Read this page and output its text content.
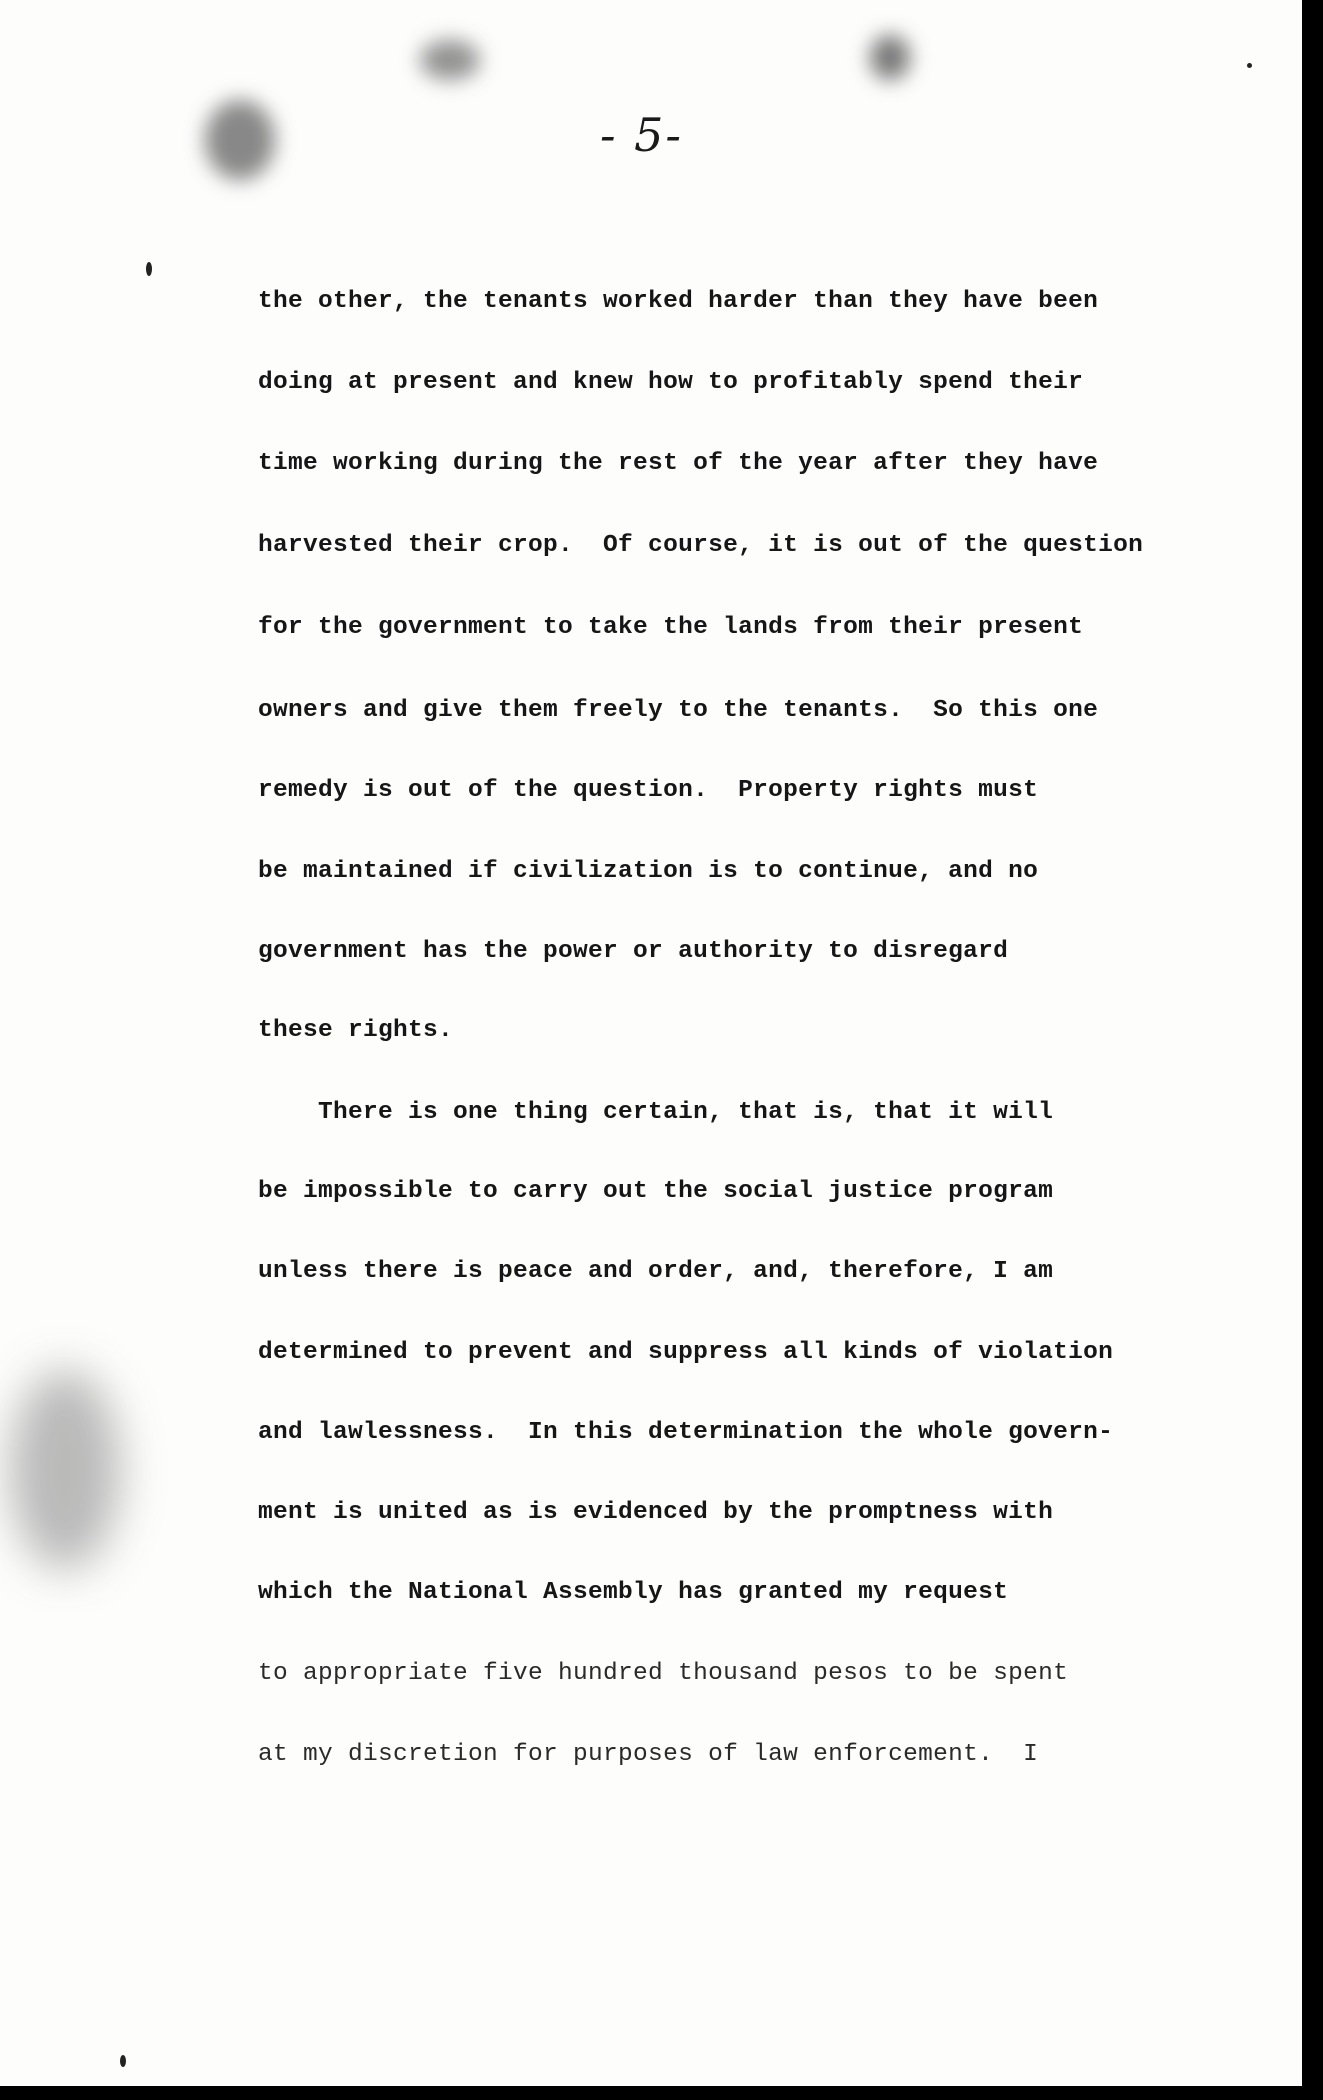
- 5-
the other, the tenants worked harder than they have been
doing at present and knew how to profitably spend their
time working during the rest of the year after they have
harvested their crop.  Of course, it is out of the question
for the government to take the lands from their present
owners and give them freely to the tenants.  So this one
remedy is out of the question.  Property rights must
be maintained if civilization is to continue, and no
government has the power or authority to disregard
these rights.
There is one thing certain, that is, that it will
be impossible to carry out the social justice program
unless there is peace and order, and, therefore, I am
determined to prevent and suppress all kinds of violation
and lawlessness.  In this determination the whole govern-
ment is united as is evidenced by the promptness with
which the National Assembly has granted my request
to appropriate five hundred thousand pesos to be spent
at my discretion for purposes of law enforcement.  I
